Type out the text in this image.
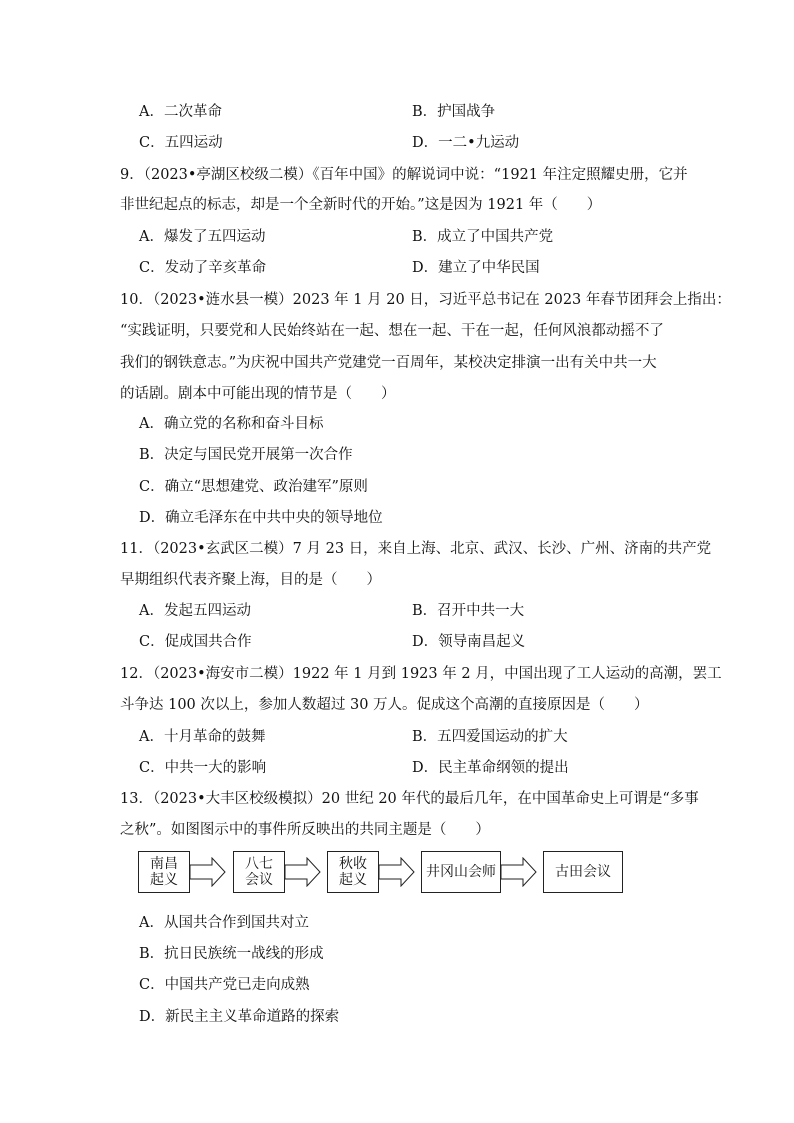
A．二次革命	B．护国战争
C．五四运动	D．一二•九运动
9．（2023•亭湖区校级二模）《百年中国》的解说词中说：“1921 年注定照耀史册，它并
非世纪起点的标志，却是一个全新时代的开始。”这是因为 1921 年（　　）
A．爆发了五四运动	B．成立了中国共产党
C．发动了辛亥革命	D．建立了中华民国
10．（2023•涟水县一模）2023 年 1 月 20 日，习近平总书记在 2023 年春节团拜会上指出：
“实践证明，只要党和人民始终站在一起、想在一起、干在一起，任何风浪都动摇不了
我们的钢铁意志。”为庆祝中国共产党建党一百周年，某校决定排演一出有关中共一大
的话剧。剧本中可能出现的情节是（　　）
A．确立党的名称和奋斗目标
B．决定与国民党开展第一次合作
C．确立“思想建党、政治建军”原则
D．确立毛泽东在中共中央的领导地位
11．（2023•玄武区二模）7 月 23 日，来自上海、北京、武汉、长沙、广州、济南的共产党
早期组织代表齐聚上海，目的是（　　）
A．发起五四运动	B．召开中共一大
C．促成国共合作	D．领导南昌起义
12．（2023•海安市二模）1922 年 1 月到 1923 年 2 月，中国出现了工人运动的高潮，罢工
斗争达 100 次以上，参加人数超过 30 万人。促成这个高潮的直接原因是（　　）
A．十月革命的鼓舞	B．五四爱国运动的扩大
C．中共一大的影响	D．民主革命纲领的提出
13．（2023•大丰区校级模拟）20 世纪 20 年代的最后几年，在中国革命史上可谓是“多事
之秋”。如图图示中的事件所反映出的共同主题是（　　）
南昌
起义
八七
会议
秋收
起义	井冈山会师	古田会议
A．从国共合作到国共对立
B．抗日民族统一战线的形成
C．中国共产党已走向成熟
D．新民主主义革命道路的探索
